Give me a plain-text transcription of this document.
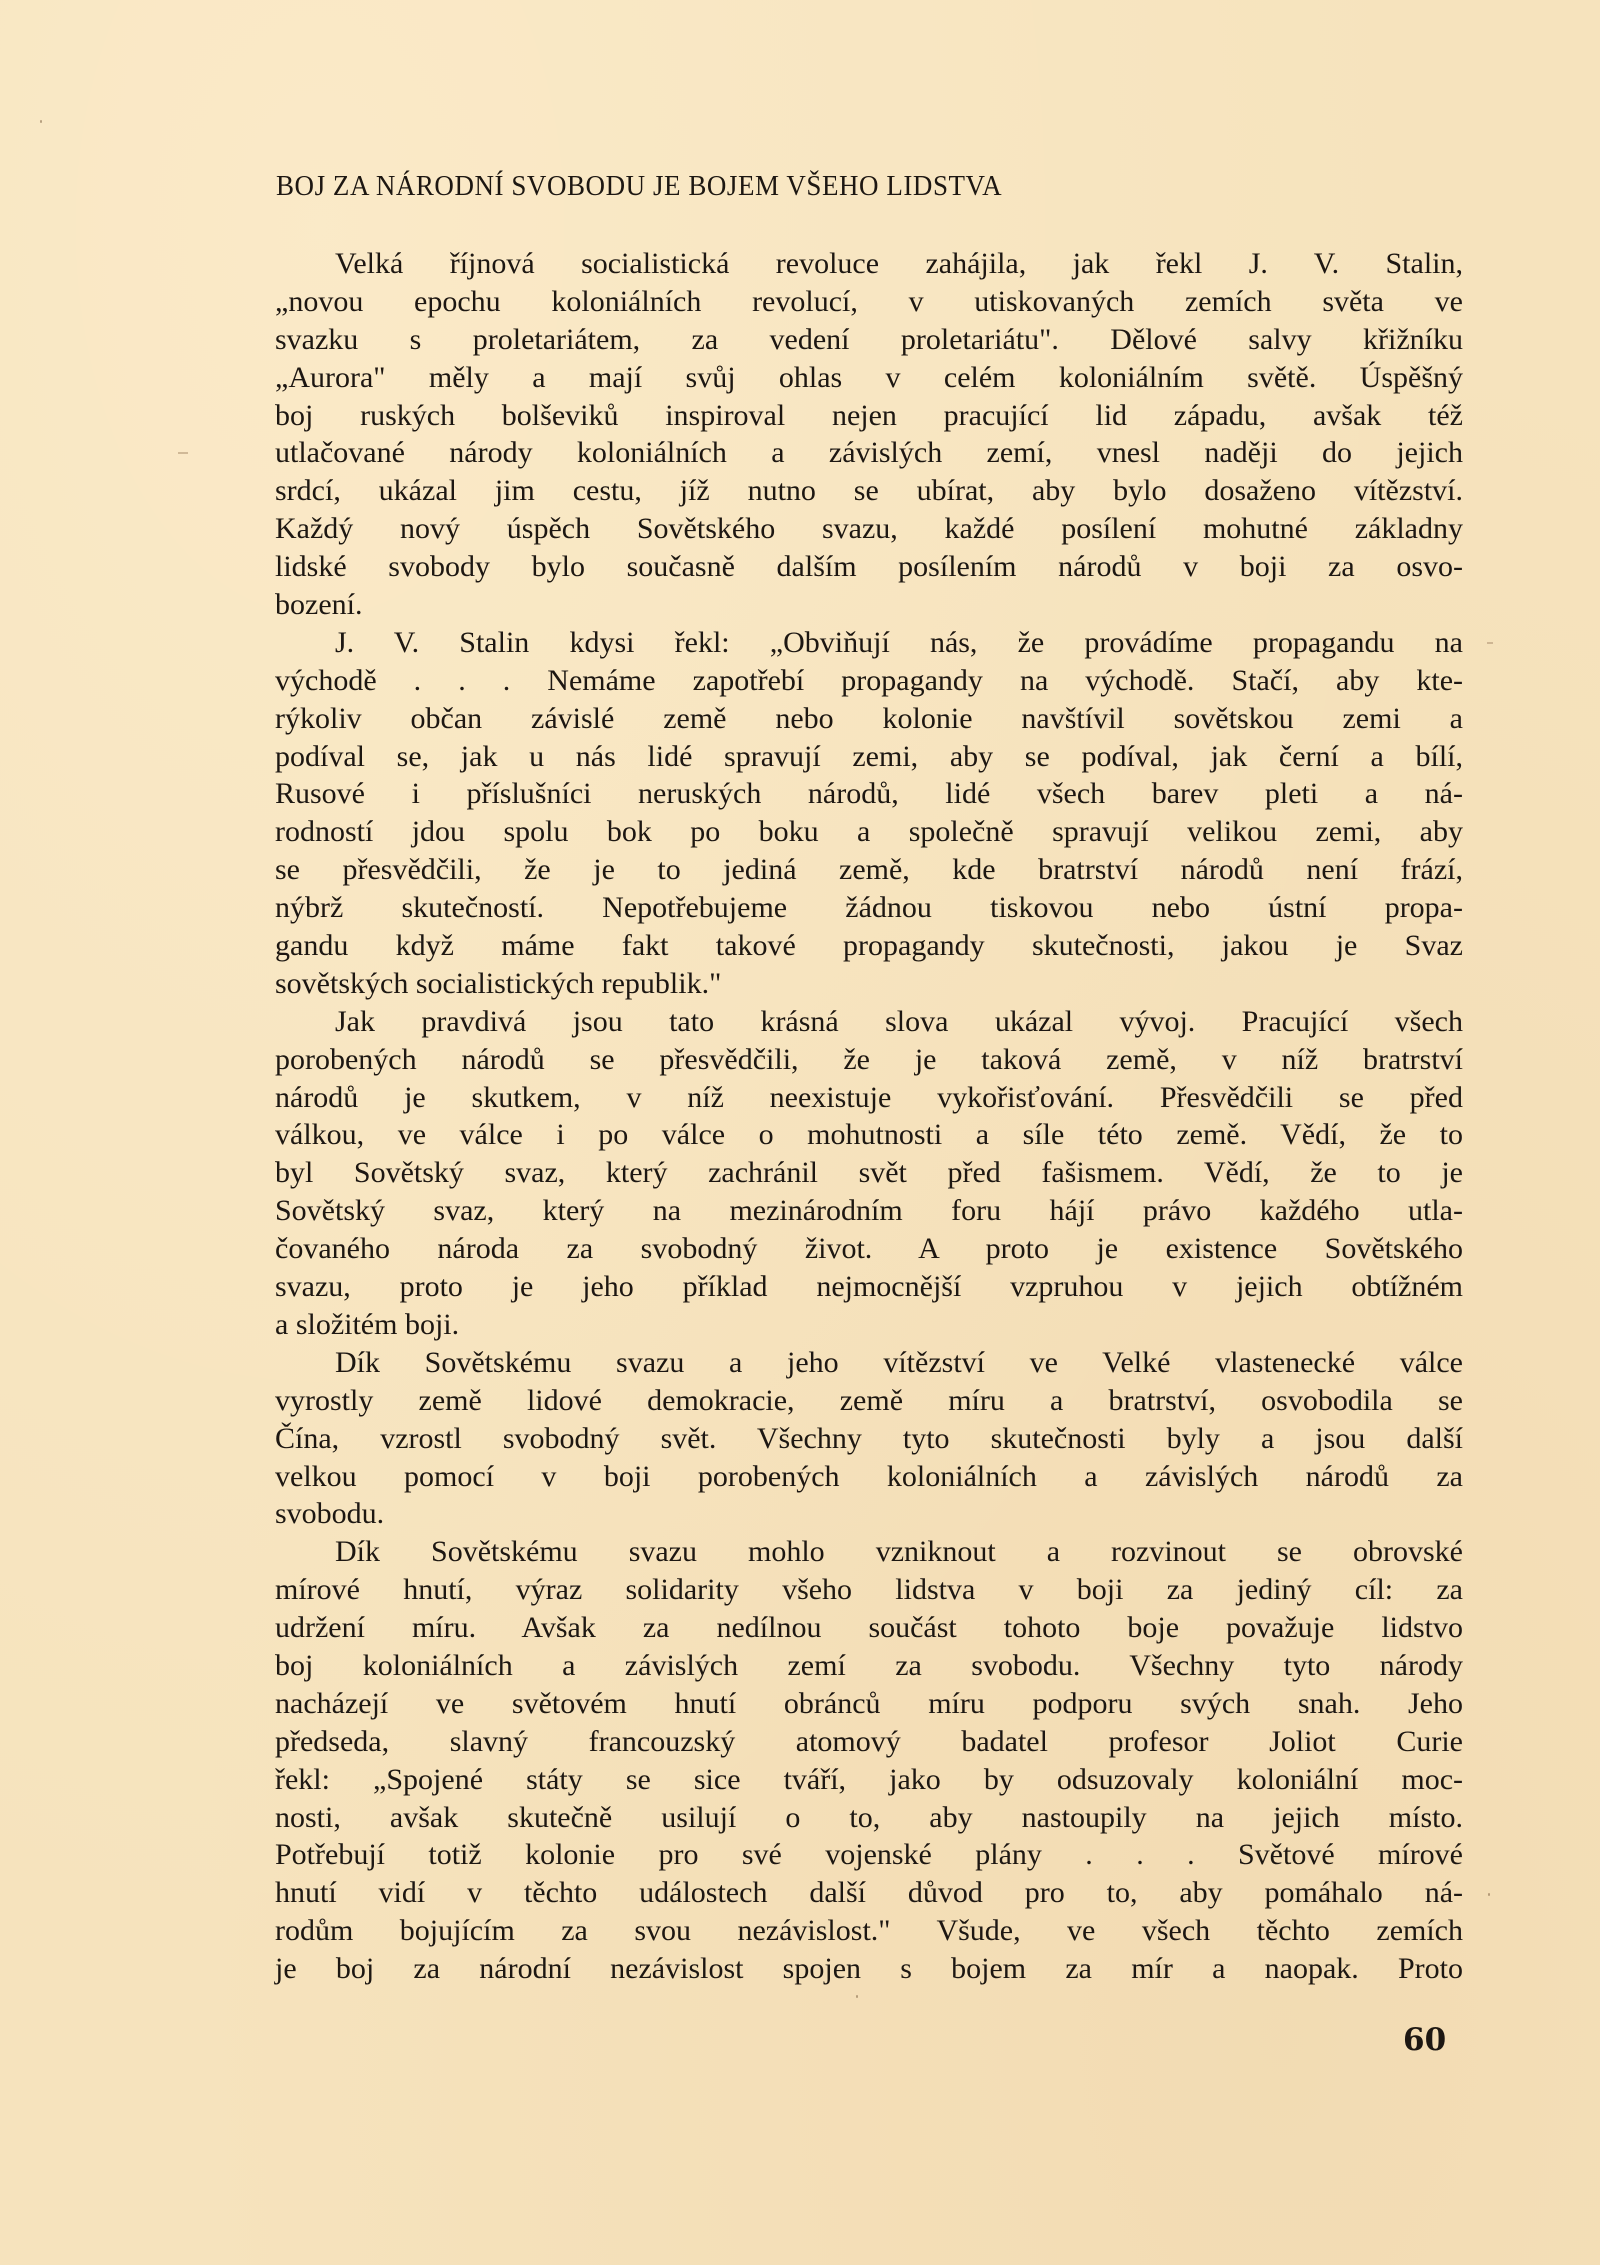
BOJ ZA NÁRODNÍ SVOBODU JE BOJEM VŠEHO LIDSTVA
Velká říjnová socialistická revoluce zahájila, jak řekl J. V. Stalin,
„novou epochu koloniálních revolucí, v utiskovaných zemích světa ve
svazku s proletariátem, za vedení proletariátu". Dělové salvy křižníku
„Aurora" měly a mají svůj ohlas v celém koloniálním světě. Úspěšný
boj ruských bolševiků inspiroval nejen pracující lid západu, avšak též
utlačované národy koloniálních a závislých zemí, vnesl naději do jejich
srdcí, ukázal jim cestu, jíž nutno se ubírat, aby bylo dosaženo vítězství.
Každý nový úspěch Sovětského svazu, každé posílení mohutné základny
lidské svobody bylo současně dalším posílením národů v boji za osvo-
bození.
J. V. Stalin kdysi řekl: „Obviňují nás, že provádíme propagandu na
východě . . . Nemáme zapotřebí propagandy na východě. Stačí, aby kte-
rýkoliv občan závislé země nebo kolonie navštívil sovětskou zemi a
podíval se, jak u nás lidé spravují zemi, aby se podíval, jak černí a bílí,
Rusové i příslušníci neruských národů, lidé všech barev pleti a ná-
rodností jdou spolu bok po boku a společně spravují velikou zemi, aby
se přesvědčili, že je to jediná země, kde bratrství národů není frází,
nýbrž skutečností. Nepotřebujeme žádnou tiskovou nebo ústní propa-
gandu když máme fakt takové propagandy skutečnosti, jakou je Svaz
sovětských socialistických republik."
Jak pravdivá jsou tato krásná slova ukázal vývoj. Pracující všech
porobených národů se přesvědčili, že je taková země, v níž bratrství
národů je skutkem, v níž neexistuje vykořisťování. Přesvědčili se před
válkou, ve válce i po válce o mohutnosti a síle této země. Vědí, že to
byl Sovětský svaz, který zachránil svět před fašismem. Vědí, že to je
Sovětský svaz, který na mezinárodním foru hájí právo každého utla-
čovaného národa za svobodný život. A proto je existence Sovětského
svazu, proto je jeho příklad nejmocnější vzpruhou v jejich obtížném
a složitém boji.
Dík Sovětskému svazu a jeho vítězství ve Velké vlastenecké válce
vyrostly země lidové demokracie, země míru a bratrství, osvobodila se
Čína, vzrostl svobodný svět. Všechny tyto skutečnosti byly a jsou další
velkou pomocí v boji porobených koloniálních a závislých národů za
svobodu.
Dík Sovětskému svazu mohlo vzniknout a rozvinout se obrovské
mírové hnutí, výraz solidarity všeho lidstva v boji za jediný cíl: za
udržení míru. Avšak za nedílnou součást tohoto boje považuje lidstvo
boj koloniálních a závislých zemí za svobodu. Všechny tyto národy
nacházejí ve světovém hnutí obránců míru podporu svých snah. Jeho
předseda, slavný francouzský atomový badatel profesor Joliot Curie
řekl: „Spojené státy se sice tváří, jako by odsuzovaly koloniální moc-
nosti, avšak skutečně usilují o to, aby nastoupily na jejich místo.
Potřebují totiž kolonie pro své vojenské plány . . . Světové mírové
hnutí vidí v těchto událostech další důvod pro to, aby pomáhalo ná-
rodům bojujícím za svou nezávislost." Všude, ve všech těchto zemích
je boj za národní nezávislost spojen s bojem za mír a naopak. Proto
60
